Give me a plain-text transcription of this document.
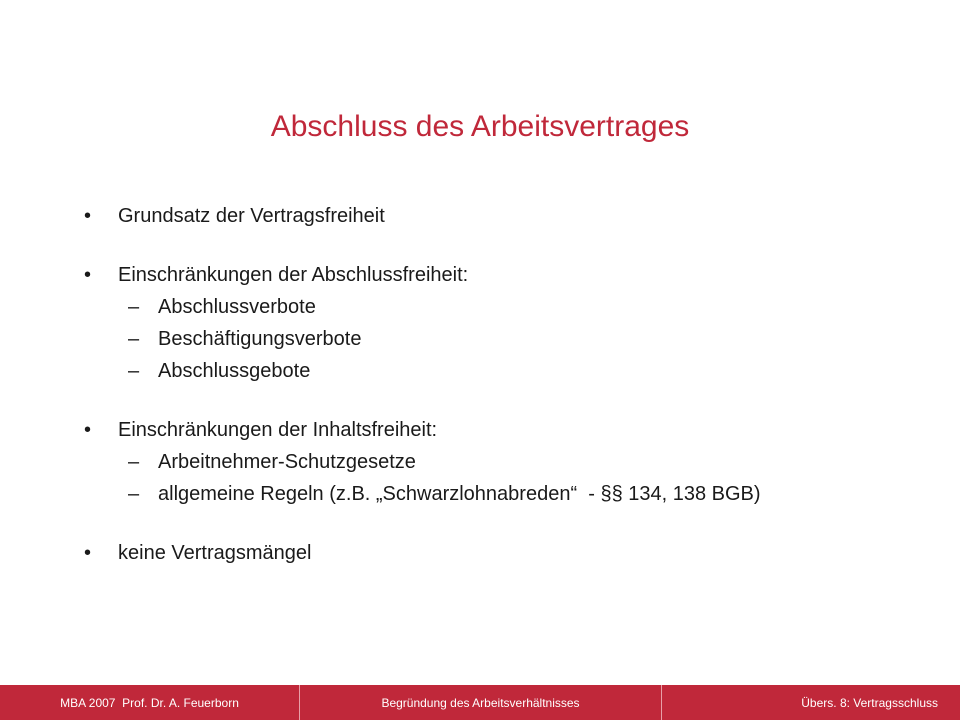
Abschluss des Arbeitsvertrages
•	Grundsatz der Vertragsfreiheit
•	Einschränkungen der Abschlussfreiheit:
– Abschlussverbote
– Beschäftigungsverbote
– Abschlussgebote
•	Einschränkungen der Inhaltsfreiheit:
– Arbeitnehmer-Schutzgesetze
– allgemeine Regeln (z.B. „Schwarzlohnabreden“  - §§ 134, 138 BGB)
•	keine Vertragsmängel
MBA 2007  Prof. Dr. A. Feuerborn	Begründung des Arbeitsverhältnisses	Übers. 8: Vertragsschluss
